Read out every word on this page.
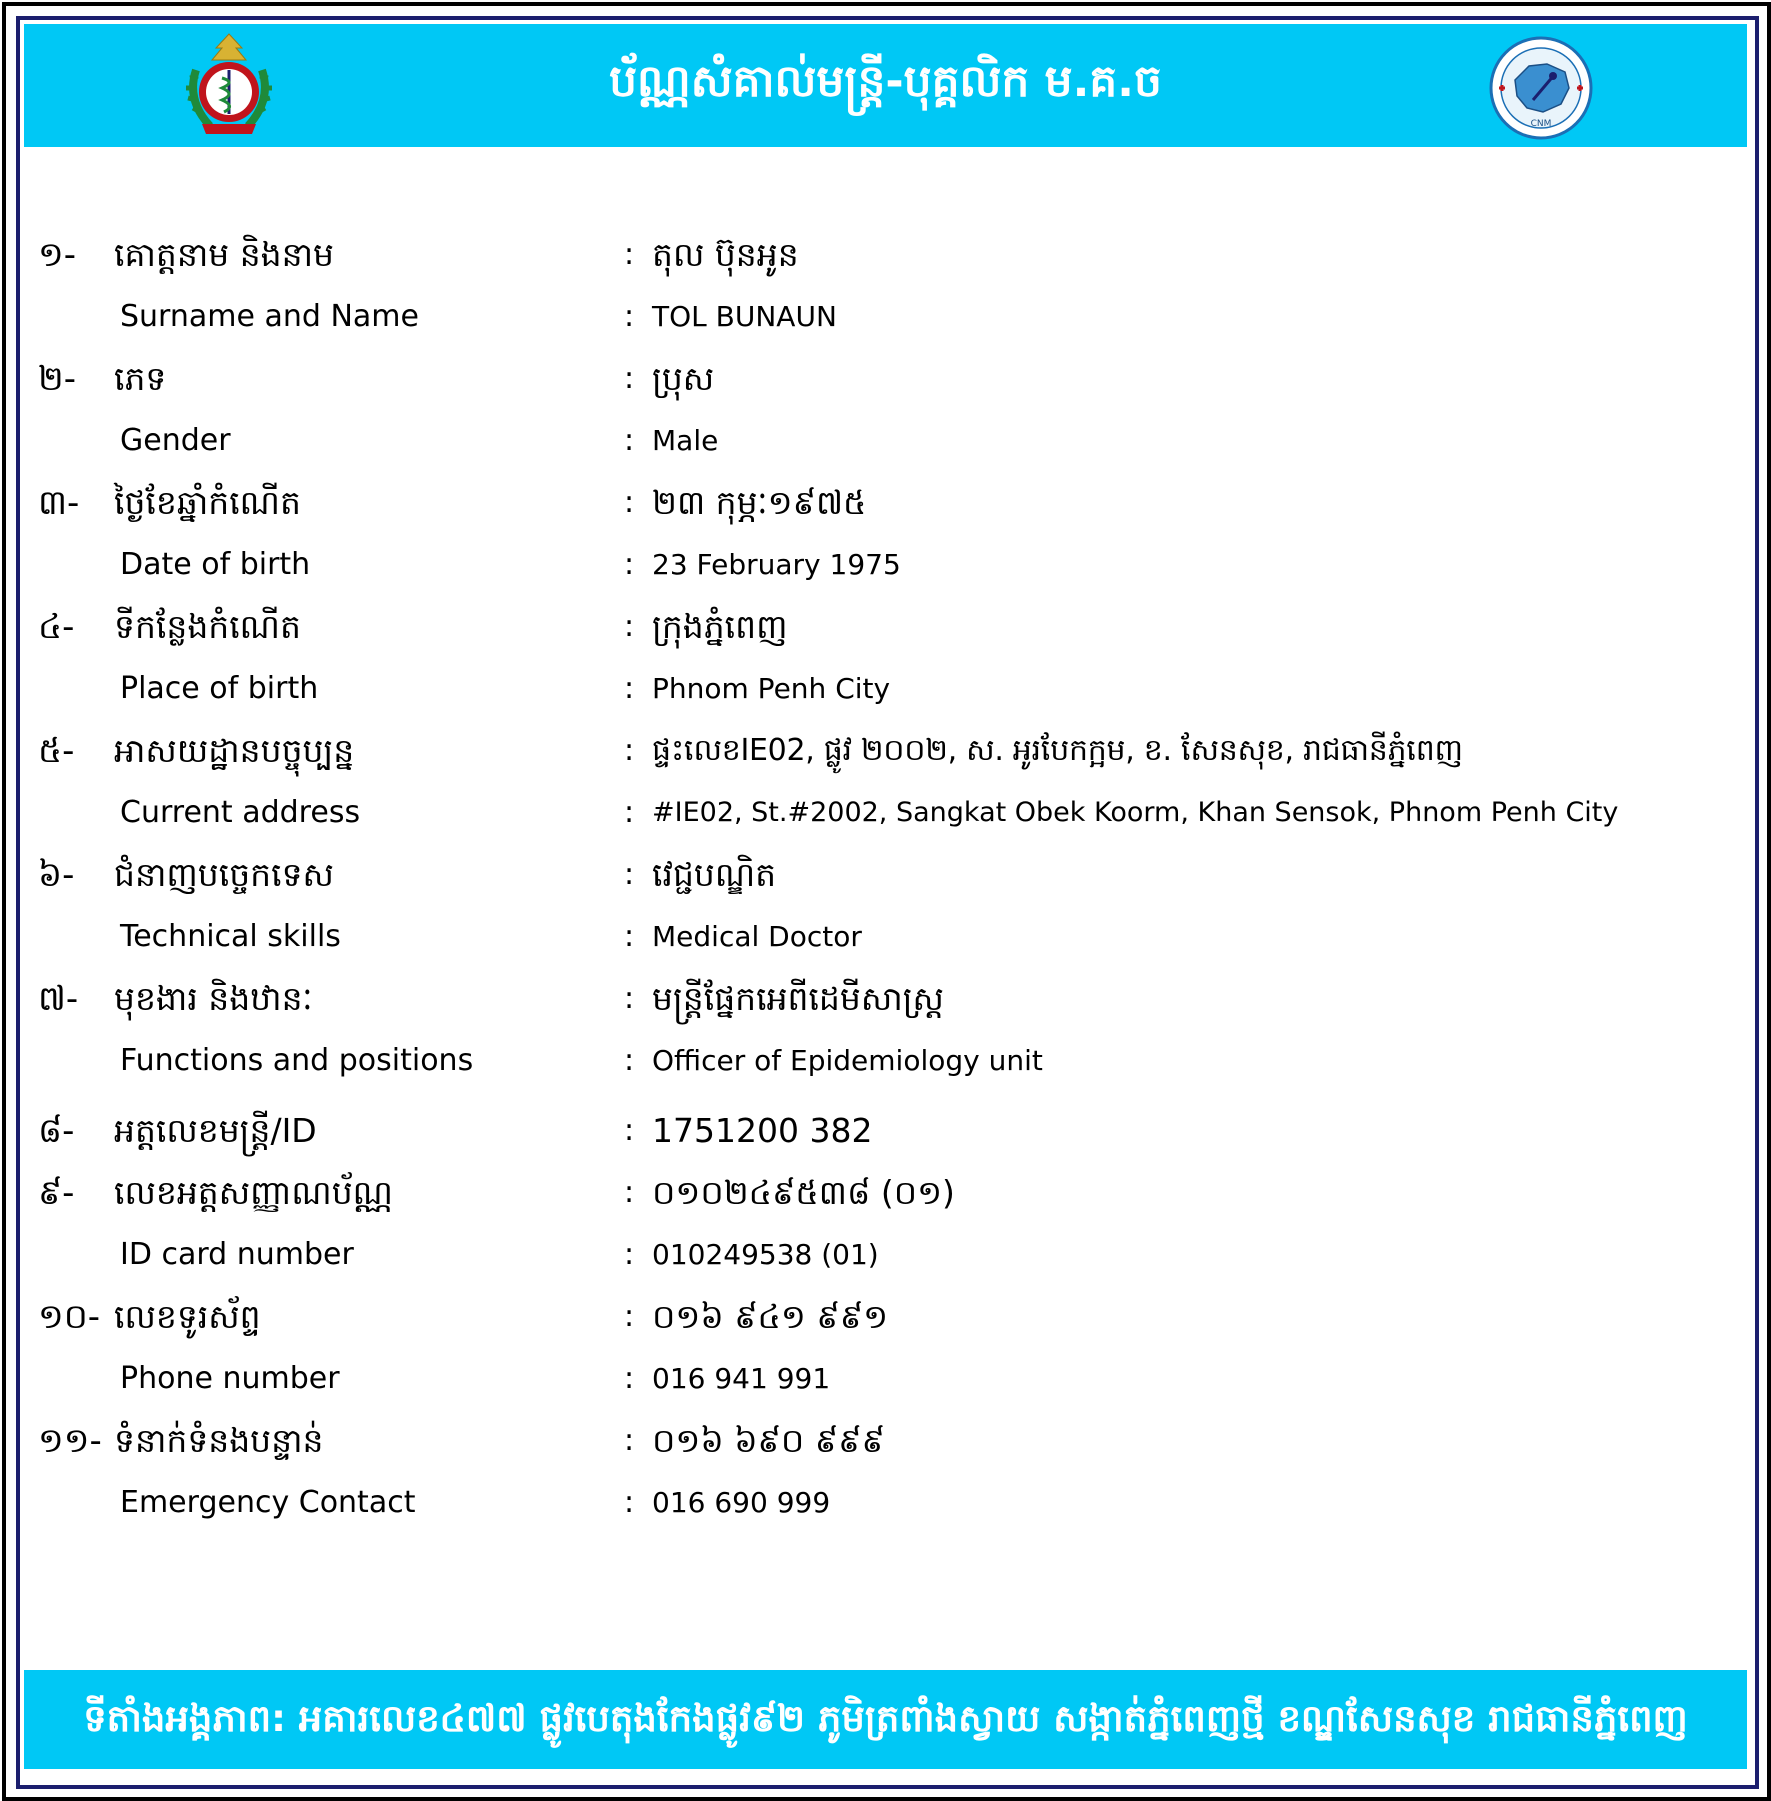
ប័ណ្ណសំគាល់មន្ត្រី-បុគ្គលិក ម.គ.ច
CNM
១- គោត្តនាម និងនាម	: តុល ប៊ុនអូន
Surname and Name	: TOL BUNAUN
២- ភេទ	: ប្រុស
Gender	: Male
៣- ថ្ងៃខែឆ្នាំកំណើត	: ២៣ កុម្ភៈ១៩៧៥
Date of birth	: 23 February 1975
៤- ទីកន្លែងកំណើត	: ក្រុងភ្នំពេញ
Place of birth	: Phnom Penh City
៥- អាសយដ្ឋានបច្ចុប្បន្ន	: ផ្ទះលេខIE02, ផ្លូវ ២០០២, ស. អូរបែកក្អម, ខ. សែនសុខ, រាជធានីភ្នំពេញ
Current address	: #IE02, St.#2002, Sangkat Obek Koorm, Khan Sensok, Phnom Penh City
៦- ជំនាញបច្ចេកទេស	: វេជ្ជបណ្ឌិត
Technical skills	: Medical Doctor
៧- មុខងារ និងឋានៈ	: មន្ត្រីផ្នែកអេពីដេមីសាស្ត្រ
Functions and positions	: Officer of Epidemiology unit
៨- អត្តលេខមន្ត្រី/ID	: 1751200 382
៩- លេខអត្តសញ្ញាណប័ណ្ណ	: ០១០២៤៩៥៣៨ (០១)
ID card number	: 010249538 (01)
១០- លេខទូរស័ព្ទ	: ០១៦ ៩៤១ ៩៩១
Phone number	: 016 941 991
១១- ទំនាក់ទំនងបន្ទាន់	: ០១៦ ៦៩០ ៩៩៩
Emergency Contact	: 016 690 999
ទីតាំងអង្គភាព: អគារលេខ៤៧៧ ផ្លូវបេតុងកែងផ្លូវ៩២ ភូមិត្រពាំងស្វាយ សង្កាត់ភ្នំពេញថ្មី ខណ្ឌសែនសុខ រាជធានីភ្នំពេញ
